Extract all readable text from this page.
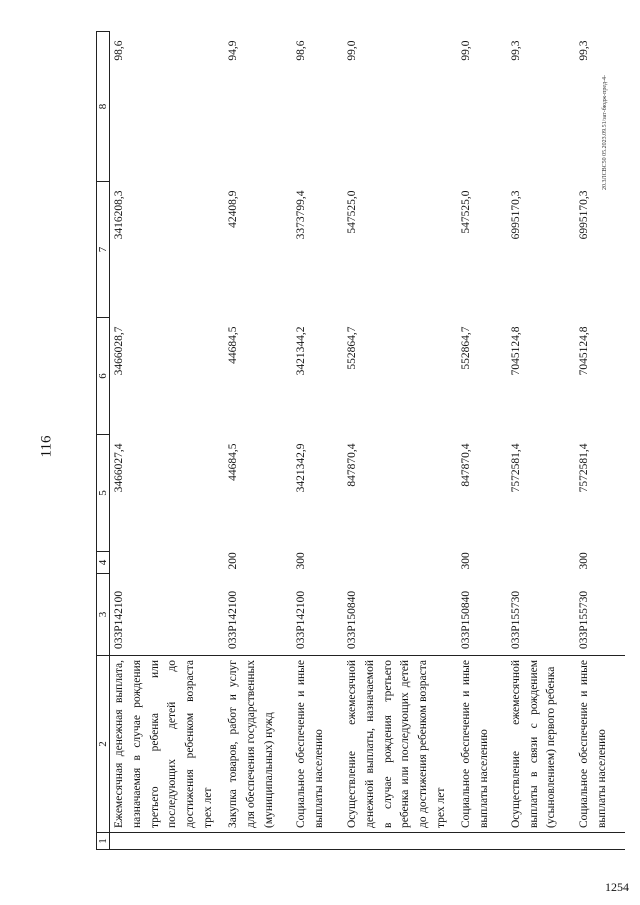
116
1	2	3	4	5	6	7	8
	Ежемесячная денежная выплата, назначаемая в случае рождения третьего ребенка или последующих детей до достижения ребенком возраста трех лет	033P142100		3466027,4	3466028,7	3416208,3	98,6
	Закупка товаров, работ и услуг для обеспечения государственных (муниципальных) нужд	033P142100	200	44684,5	44684,5	42408,9	94,9
	Социальное обеспечение и иные выплаты населению	033P142100	300	3421342,9	3421344,2	3373799,4	98,6
	Осуществление ежемесячной денежной выплаты, назначаемой в случае рождения третьего ребенка или последующих детей до достижения ребенком возраста трех лет	033P150840		847870,4	552864,7	547525,0	99,0
	Социальное обеспечение и иные выплаты населению	033P150840	300	847870,4	552864,7	547525,0	99,0
	Осуществление ежемесячной выплаты в связи с рождением (усыновлением) первого ребенка	033P155730		7572581,4	7045124,8	6995170,3	99,3
	Социальное обеспечение и иные выплаты населению	033P155730	300	7572581,4	7045124,8	6995170,3	99,3
20.3ЛСВС50 05.2023.09.51/зат-бюдж-пред-4-
1254
